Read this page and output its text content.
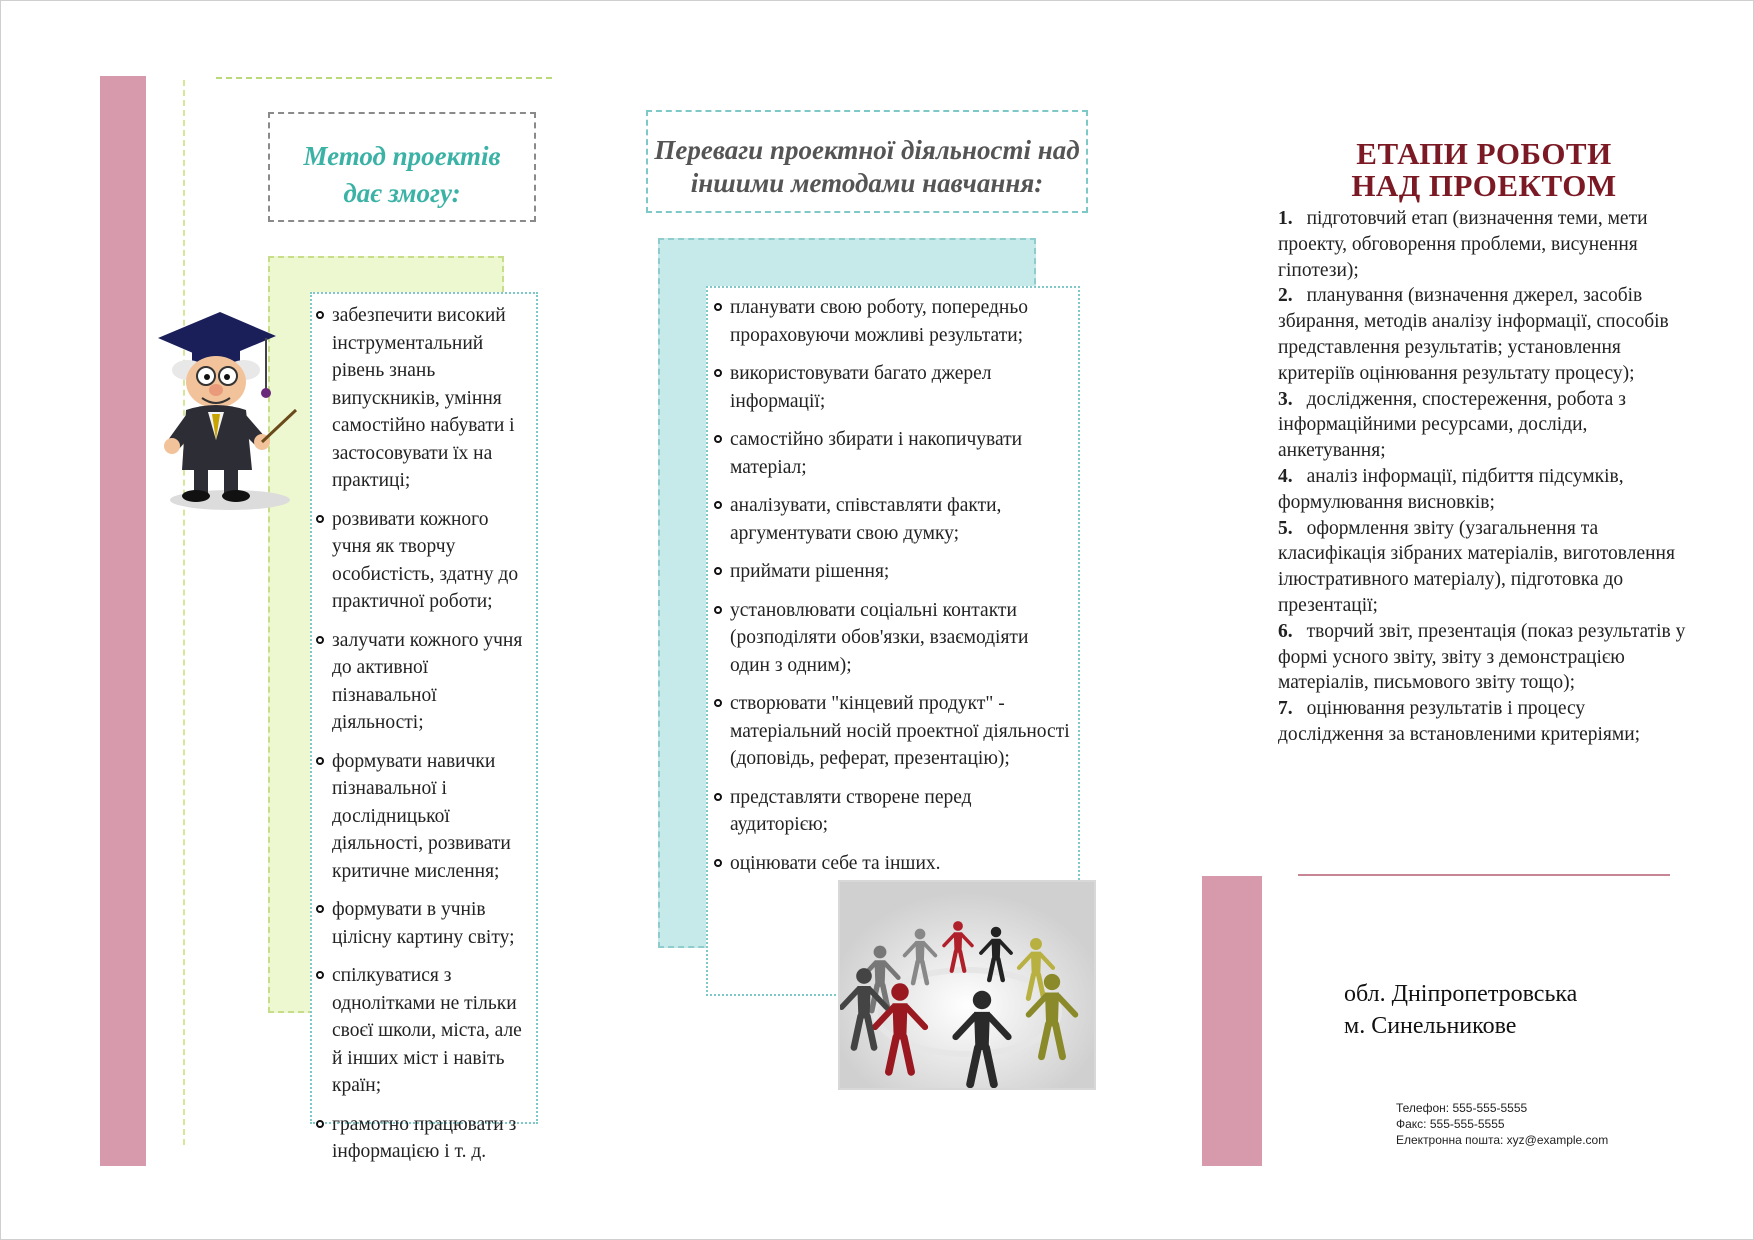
Метод проектів
дає змогу:
забезпечити високий інструментальний рівень знань випускників, уміння самостійно набувати і застосовувати їх на практиці;
розвивати кожного учня як творчу особистість, здатну до практичної роботи;
залучати кожного учня до активної пізнавальної діяльності;
формувати навички пізнавальної і дослідницької діяльності, розвивати критичне мислення;
формувати в учнів цілісну картину світу;
спілкуватися з однолітками не тільки своєї школи, міста, але й інших міст і навіть країн;
грамотно працювати з інформацією і т. д.
Переваги проектної діяльності над іншими методами навчання:
планувати свою роботу, попередньо прораховуючи можливі результати;
використовувати багато джерел інформації;
самостійно збирати і накопичувати матеріал;
аналізувати, співставляти факти, аргументувати свою думку;
приймати рішення;
установлювати соціальні контакти (розподіляти обов'язки, взаємодіяти один з одним);
створювати "кінцевий продукт" - матеріальний носій проектної діяльності (доповідь, реферат, презентацію);
представляти створене перед аудиторією;
оцінювати себе та інших.
ЕТАПИ РОБОТИ НАД ПРОЕКТОМ
1. підготовчий етап (визначення теми, мети проекту, обговорення проблеми, висунення гіпотези);
2. планування (визначення джерел, засобів збирання, методів аналізу інформації, способів представлення результатів; установлення критеріїв оцінювання результату процесу);
3. дослідження, спостереження, робота з інформаційними ресурсами, досліди, анкетування;
4. аналіз інформації, підбиття підсумків, формулювання висновків;
5. оформлення звіту (узагальнення та класифікація зібраних матеріалів, виготовлення ілюстративного матеріалу), підготовка до презентації;
6. творчий звіт, презентація (показ результатів у формі усного звіту, звіту з демонстрацією матеріалів, письмового звіту тощо);
7. оцінювання результатів і процесу дослідження за встановленими критеріями;
обл. Дніпропетровська
м. Синельникове
Телефон: 555-555-5555
Факс: 555-555-5555
Електронна пошта: xyz@example.com
